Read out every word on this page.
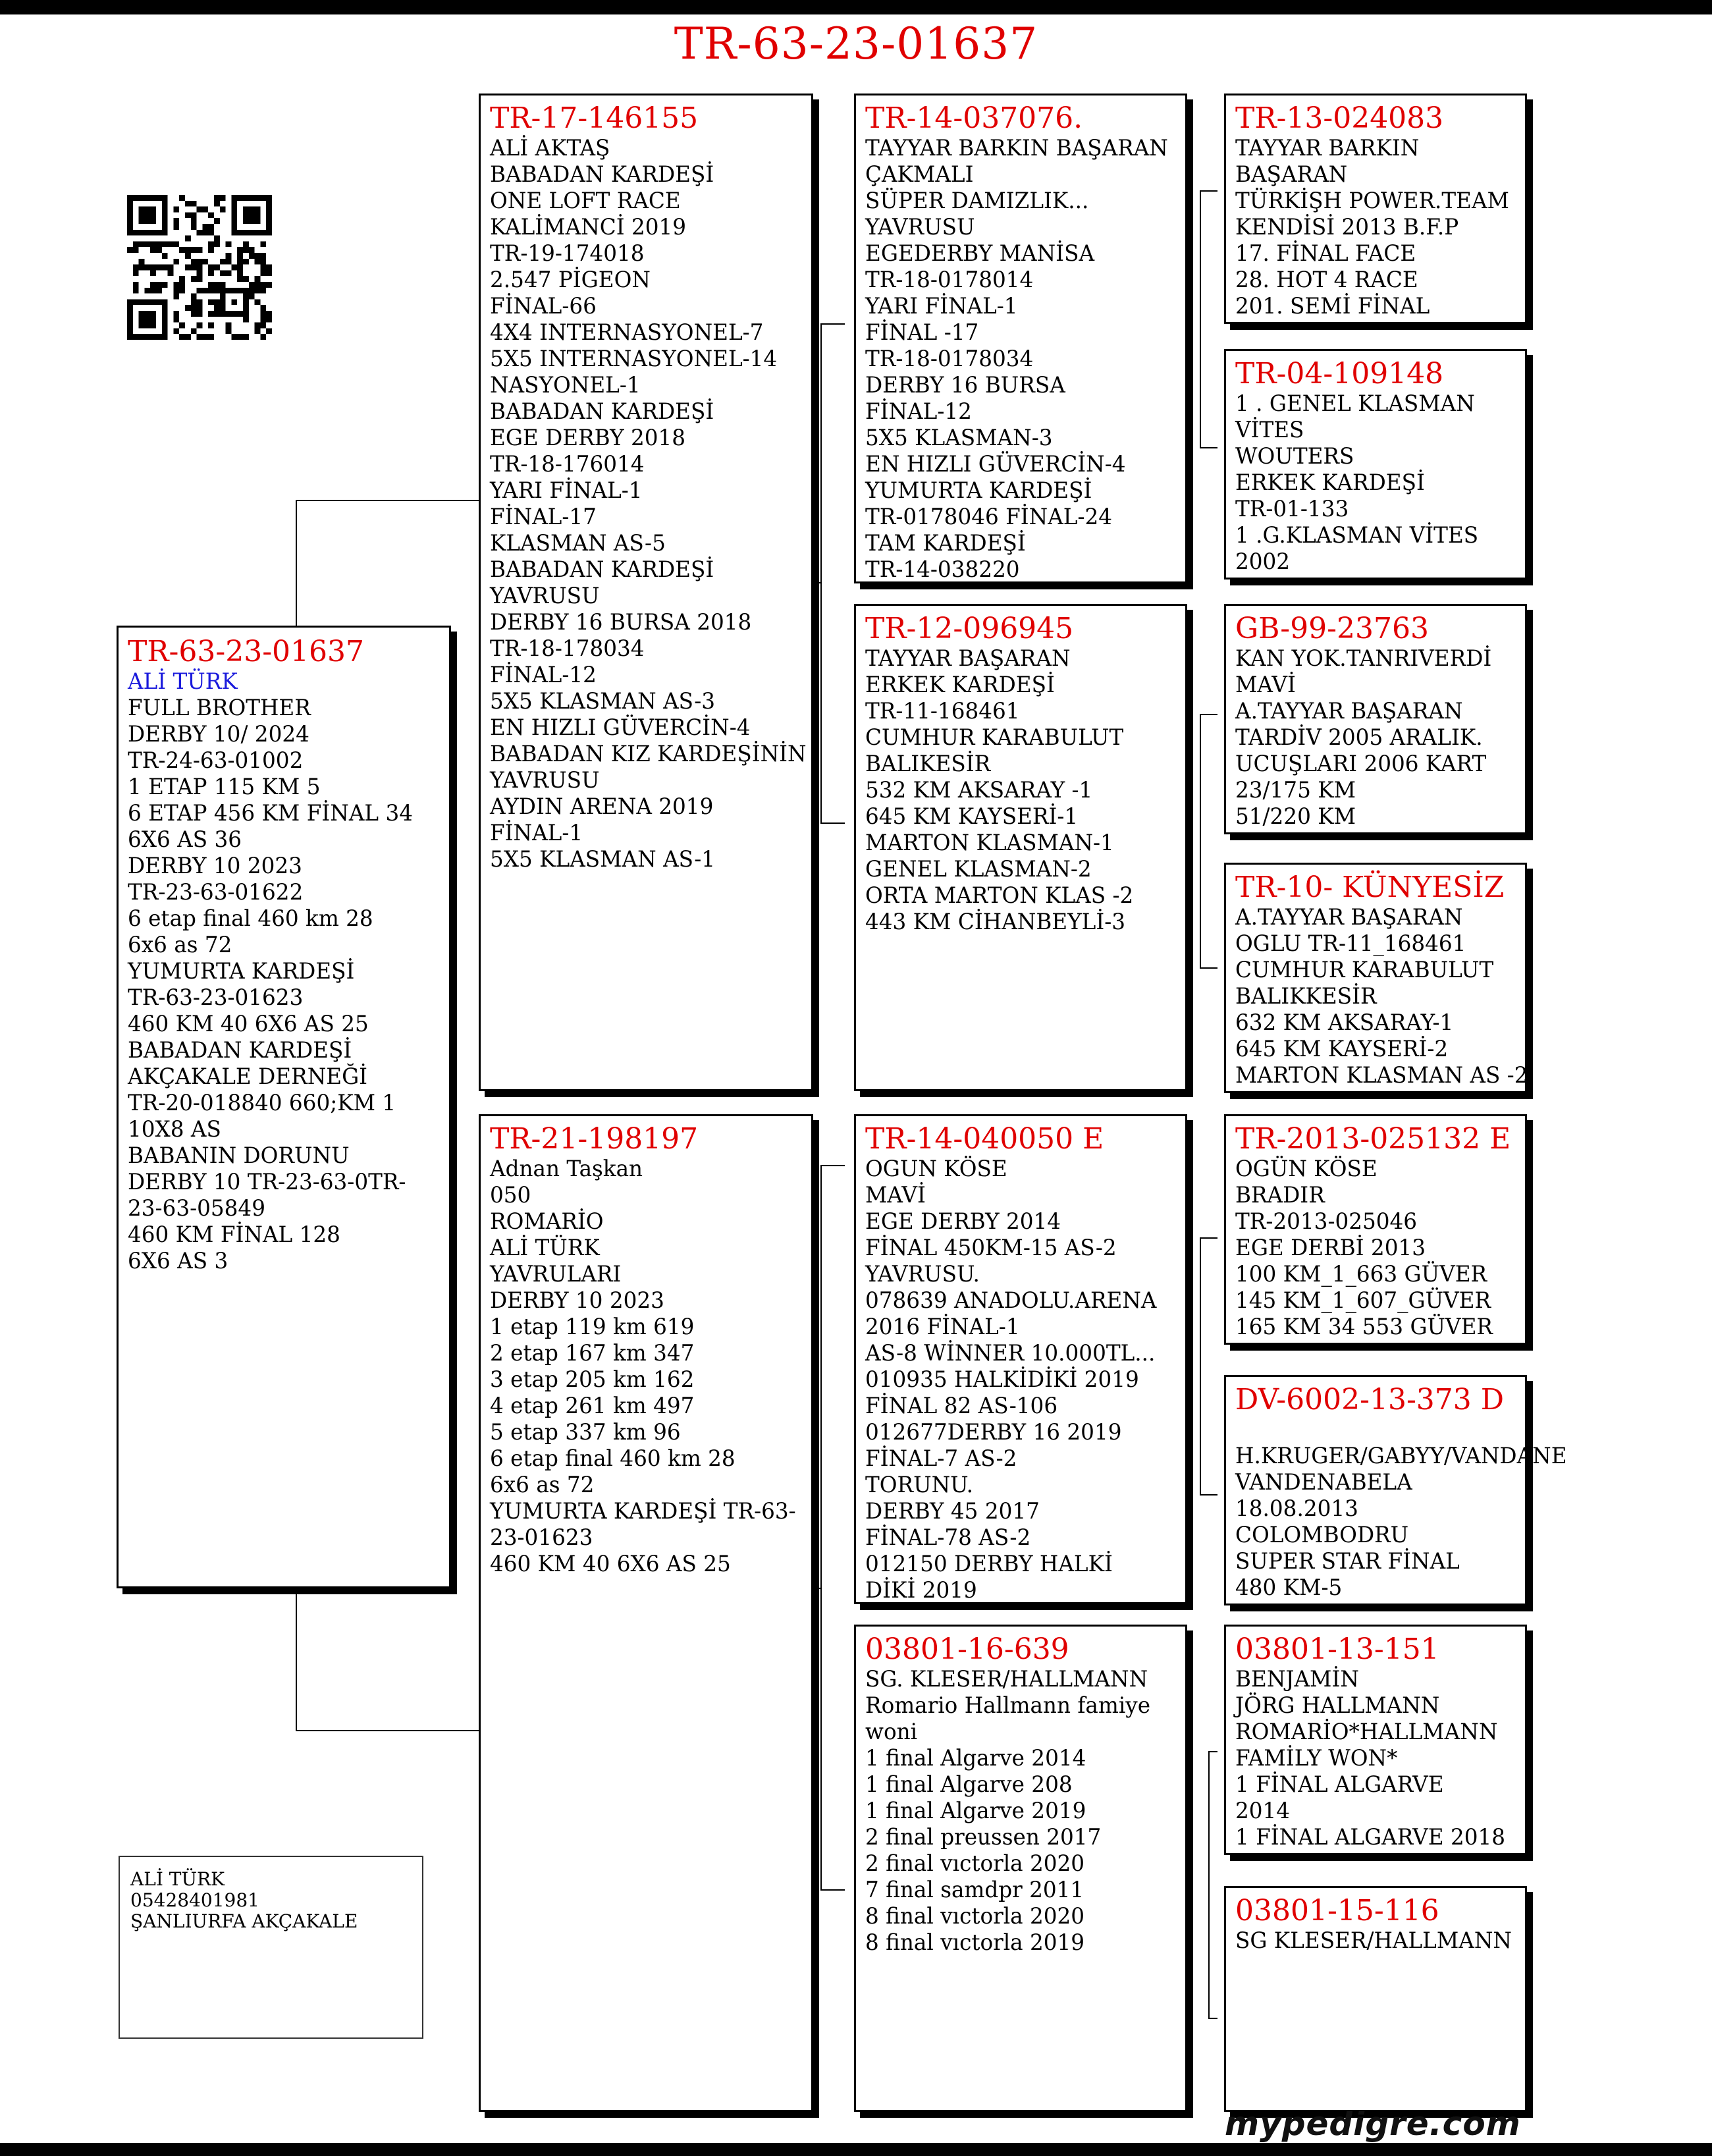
TR-63-23-01637
TR-63-23-01637
ALİ TÜRK
FULL BROTHER
DERBY 10/ 2024
TR-24-63-01002
1 ETAP 115 KM 5
6 ETAP 456 KM FİNAL 34
6X6 AS 36
DERBY 10 2023
TR-23-63-01622
6 etap final 460 km 28
6x6 as 72
YUMURTA KARDEŞİ
TR-63-23-01623
460 KM 40 6X6 AS 25
BABADAN KARDEŞİ
AKÇAKALE DERNEĞİ
TR-20-018840 660;KM 1
10X8 AS
BABANIN DORUNU
DERBY 10 TR-23-63-0TR-
23-63-05849
460 KM FİNAL 128
6X6 AS 3
TR-17-146155
ALİ AKTAŞ
BABADAN KARDEŞİ
ONE LOFT RACE
KALİMANCİ 2019
TR-19-174018
2.547 PİGEON
FİNAL-66
4X4 INTERNASYONEL-7
5X5 INTERNASYONEL-14
NASYONEL-1
BABADAN KARDEŞİ
EGE DERBY 2018
TR-18-176014
YARI FİNAL-1
FİNAL-17
KLASMAN AS-5
BABADAN KARDEŞİ
YAVRUSU
DERBY 16 BURSA 2018
TR-18-178034
FİNAL-12
5X5 KLASMAN AS-3
EN HIZLI GÜVERCİN-4
BABADAN KIZ KARDEŞİNİN
YAVRUSU
AYDIN ARENA 2019
FİNAL-1
5X5 KLASMAN AS-1
TR-21-198197
Adnan Taşkan
050
ROMARİO
ALİ TÜRK
YAVRULARI
DERBY 10 2023
1 etap 119 km 619
2 etap 167 km 347
3 etap 205 km 162
4 etap 261 km 497
5 etap 337 km 96
6 etap final 460 km 28
6x6 as 72
YUMURTA KARDEŞİ TR-63-
23-01623
460 KM 40 6X6 AS 25
TR-14-037076.
TAYYAR BARKIN BAŞARAN
ÇAKMALI
SÜPER DAMIZLIK...
YAVRUSU
EGEDERBY MANİSA
TR-18-0178014
YARI FİNAL-1
FİNAL -17
TR-18-0178034
DERBY 16 BURSA
FİNAL-12
5X5 KLASMAN-3
EN HIZLI GÜVERCİN-4
YUMURTA KARDEŞİ
TR-0178046 FİNAL-24
TAM KARDEŞİ
TR-14-038220
TR-12-096945
TAYYAR BAŞARAN
ERKEK KARDEŞİ
TR-11-168461
CUMHUR KARABULUT
BALIKESİR
532 KM AKSARAY -1
645 KM KAYSERİ-1
MARTON KLASMAN-1
GENEL KLASMAN-2
ORTA MARTON KLAS -2
443 KM CİHANBEYLİ-3
TR-14-040050 E
OGUN KÖSE
MAVİ
EGE DERBY 2014
FİNAL 450KM-15 AS-2
YAVRUSU.
078639 ANADOLU.ARENA
2016 FİNAL-1
AS-8 WİNNER 10.000TL...
010935 HALKİDİKİ 2019
FİNAL 82 AS-106
012677DERBY 16 2019
FİNAL-7 AS-2
TORUNU.
DERBY 45 2017
FİNAL-78 AS-2
012150 DERBY HALKİ
DİKİ 2019
03801-16-639
SG. KLESER/HALLMANN
Romario Hallmann famiye
woni
1 final Algarve 2014
1 final Algarve 208
1 final Algarve 2019
2 final preussen 2017
2 final vıctorla 2020
7 final samdpr 2011
8 final vıctorla 2020
8 final vıctorla 2019
TR-13-024083
TAYYAR BARKIN
BAŞARAN
TÜRKİŞH POWER.TEAM
KENDİSİ 2013 B.F.P
17. FİNAL FACE
28. HOT 4 RACE
201. SEMİ FİNAL
TR-04-109148
1 . GENEL KLASMAN
VİTES
WOUTERS
ERKEK KARDEŞİ
TR-01-133
1 .G.KLASMAN VİTES
2002
GB-99-23763
KAN YOK.TANRIVERDİ
MAVİ
A.TAYYAR BAŞARAN
TARDİV 2005 ARALIK.
UCUŞLARI 2006 KART
23/175 KM
51/220 KM
TR-10- KÜNYESİZ
A.TAYYAR BAŞARAN
OGLU TR-11_168461
CUMHUR KARABULUT
BALIKKESİR
632 KM AKSARAY-1
645 KM KAYSERİ-2
MARTON KLASMAN AS -2
TR-2013-025132 E
OGÜN KÖSE
BRADIR
TR-2013-025046
EGE DERBİ 2013
100 KM_1_663 GÜVER
145 KM_1_607_GÜVER
165 KM 34 553 GÜVER
DV-6002-13-373 D

H.KRUGER/GABYY/VANDANE
VANDENABELA
18.08.2013
COLOMBODRU
SUPER STAR FİNAL
480 KM-5
03801-13-151
BENJAMİN
JÖRG HALLMANN
ROMARİO*HALLMANN
FAMİLY WON*
1 FİNAL ALGARVE
2014
1 FİNAL ALGARVE 2018
03801-15-116
SG KLESER/HALLMANN
ALİ TÜRK
05428401981
ŞANLIURFA AKÇAKALE
mypedigre.com
